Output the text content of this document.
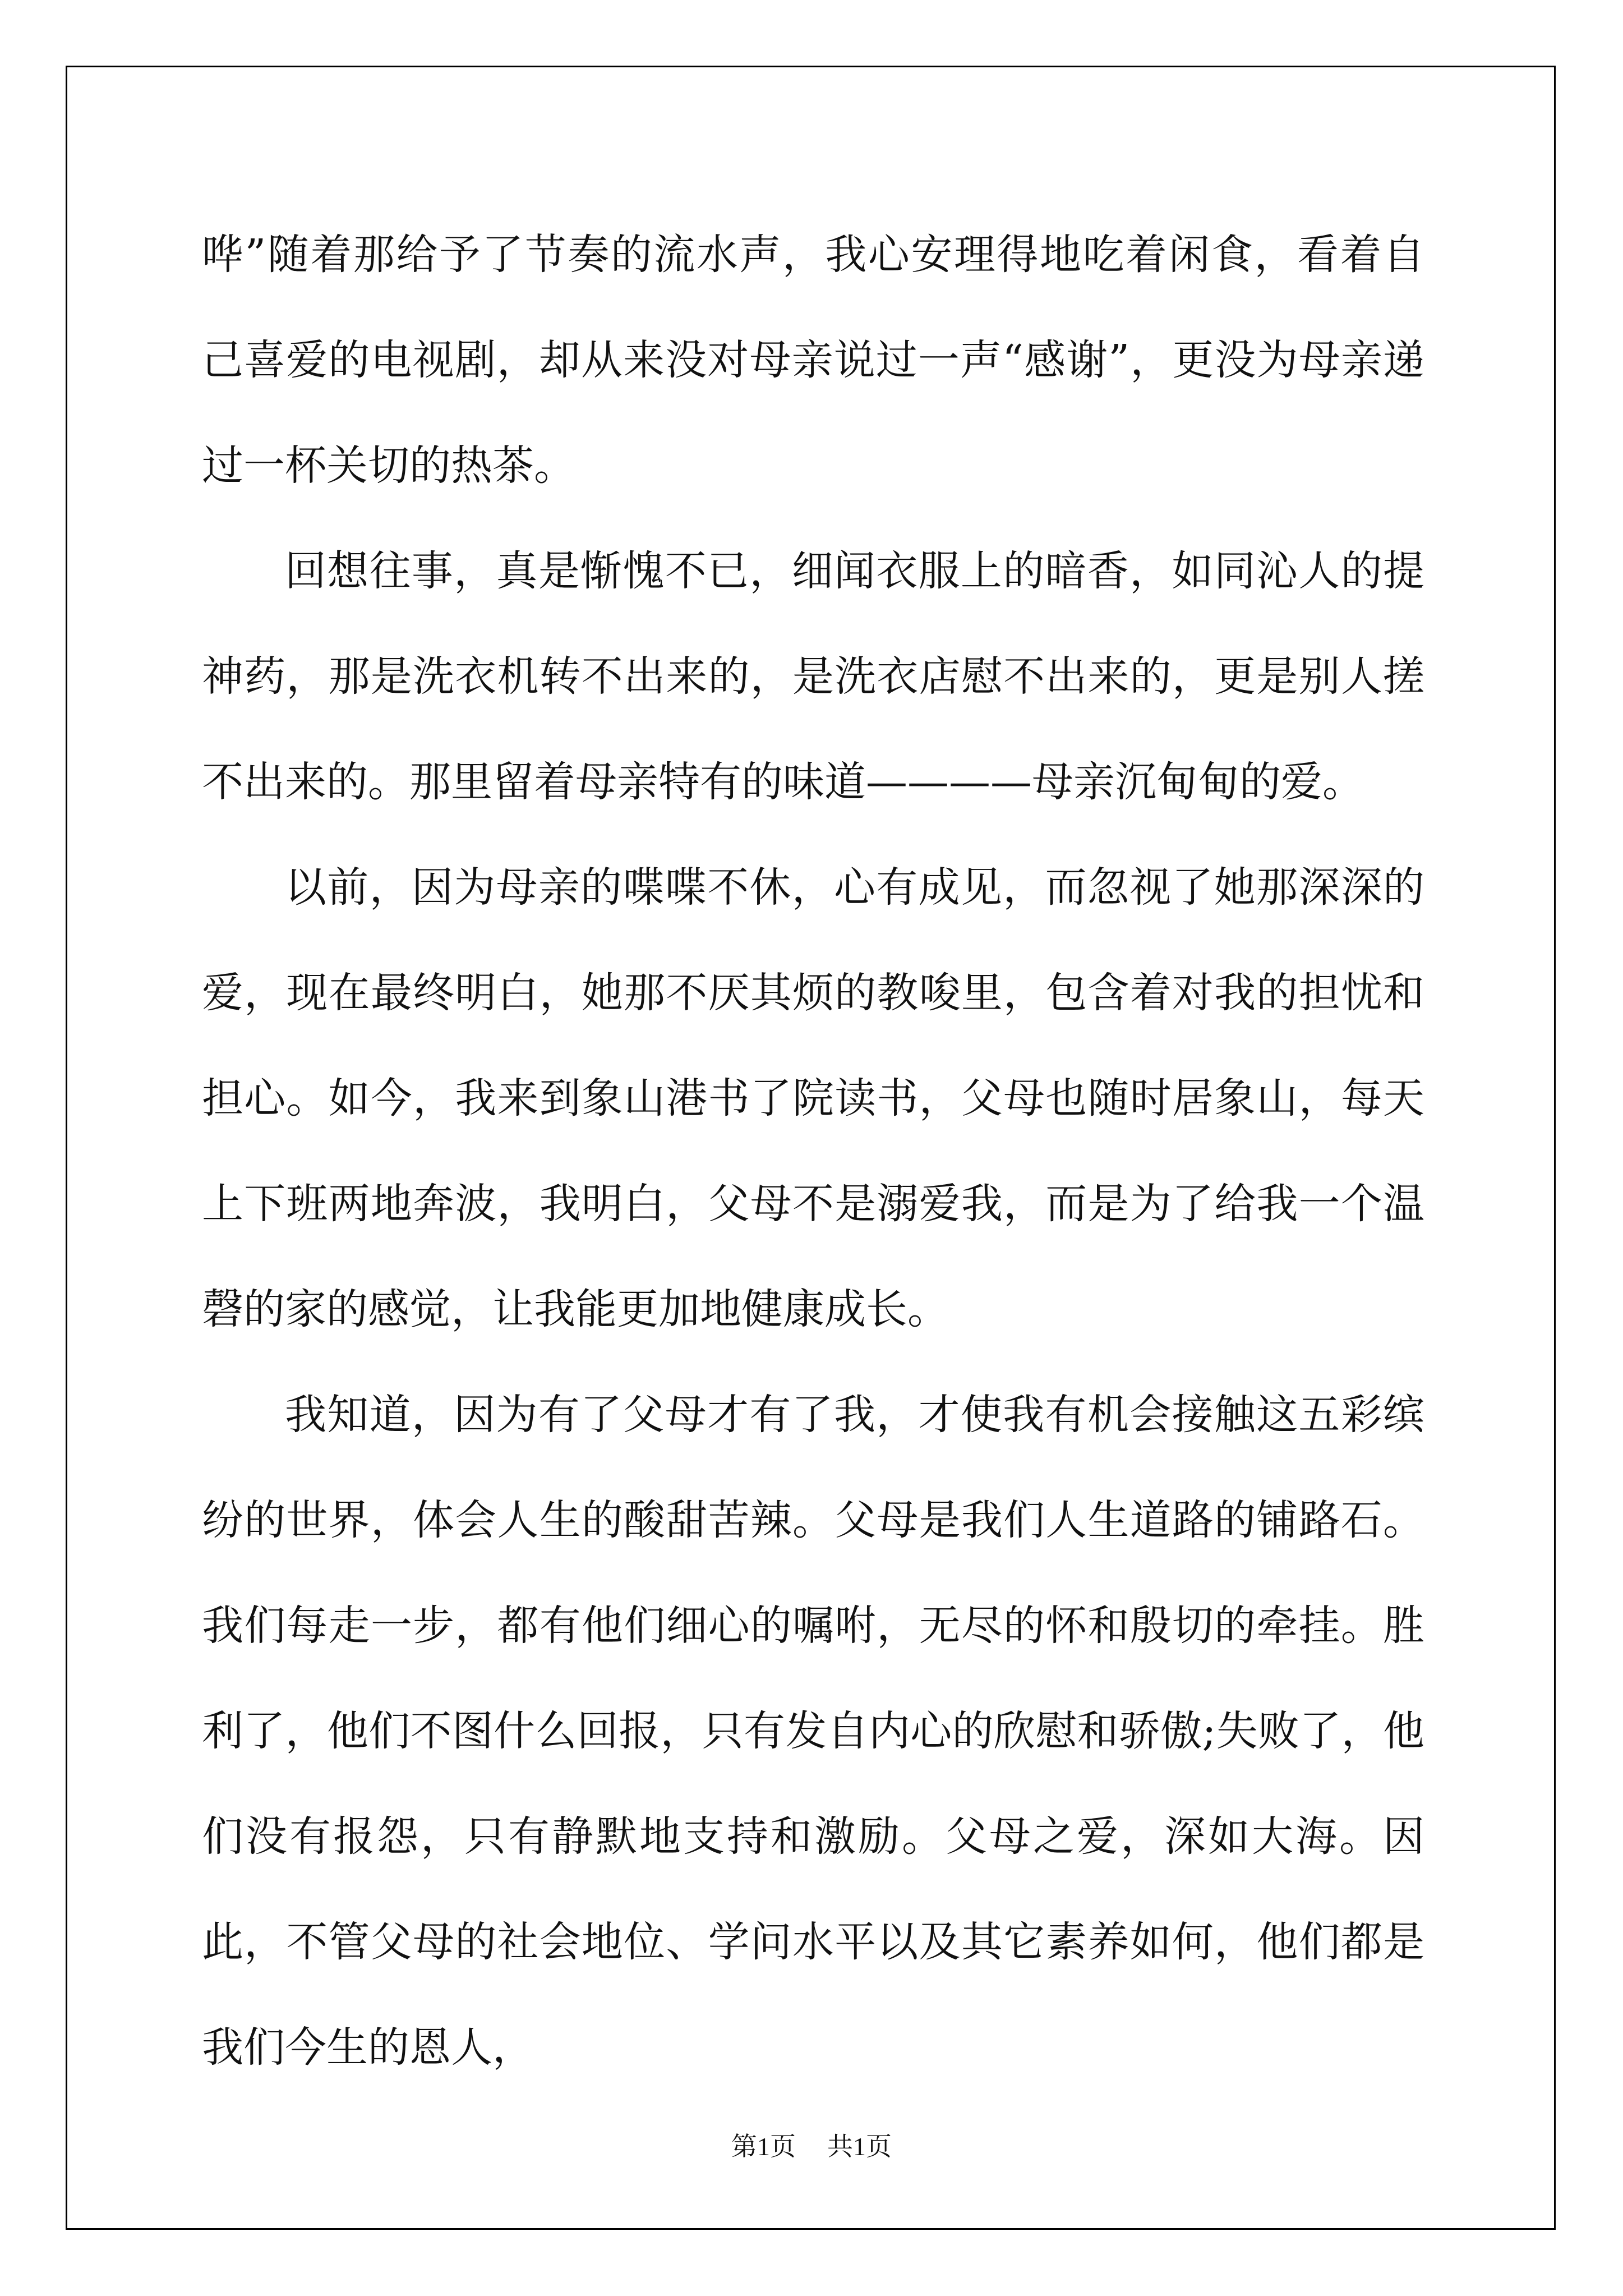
哗”随着那给予了节奏的流水声，我心安理得地吃着闲食，看着自己喜爱的电视剧，却从来没对母亲说过一声“感谢”，更没为母亲递过一杯关切的热茶。

回想往事，真是惭愧不已，细闻衣服上的暗香，如同沁人的提神药，那是洗衣机转不出来的，是洗衣店慰不出来的，更是别人搓不出来的。那里留着母亲特有的味道————母亲沉甸甸的爱。

以前，因为母亲的喋喋不休，心有成见，而忽视了她那深深的爱，现在最终明白，她那不厌其烦的教唆里，包含着对我的担忧和担心。如今，我来到象山港书了院读书，父母也随时居象山，每天上下班两地奔波，我明白，父母不是溺爱我，而是为了给我一个温磬的家的感觉，让我能更加地健康成长。

我知道，因为有了父母才有了我，才使我有机会接触这五彩缤纷的世界，体会人生的酸甜苦辣。父母是我们人生道路的铺路石。我们每走一步，都有他们细心的嘱咐，无尽的怀和殷切的牵挂。胜利了，他们不图什么回报，只有发自内心的欣慰和骄傲;失败了，他们没有报怨，只有静默地支持和激励。父母之爱，深如大海。因此，不管父母的社会地位、学问水平以及其它素养如何，他们都是我们今生的恩人，

第1页 共1页
